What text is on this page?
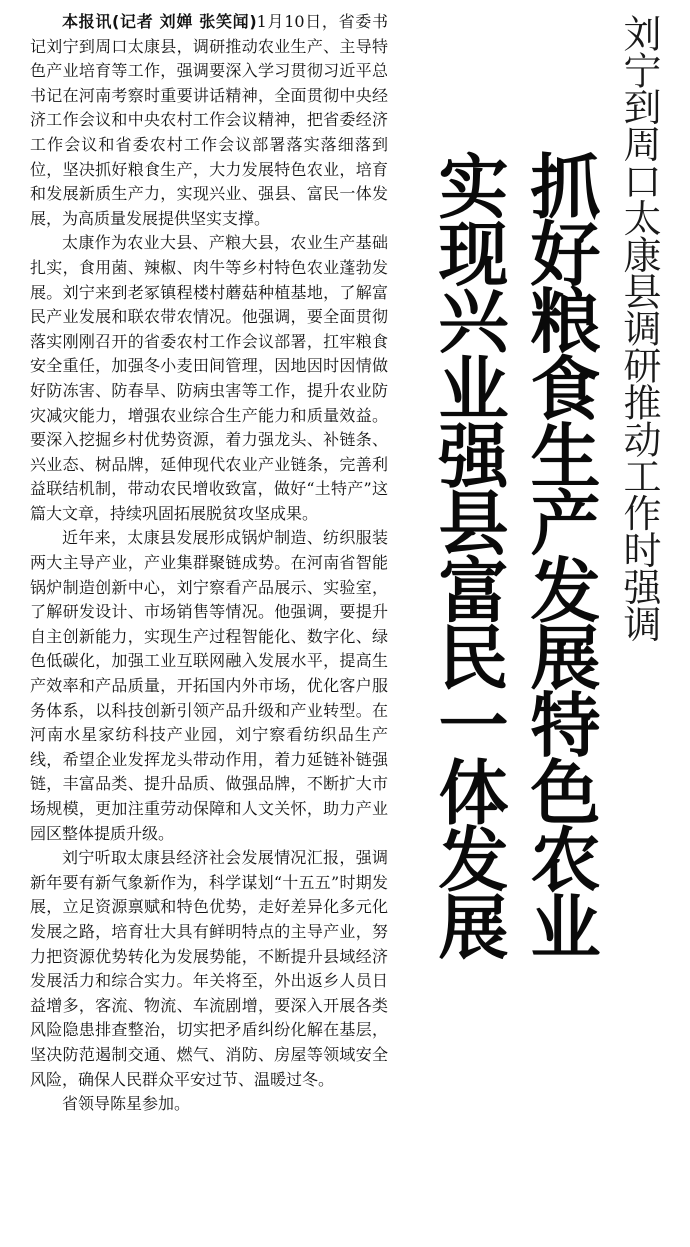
本报讯(记者 刘婵 张笑闻)1月10日，省委书记刘宁到周口太康县，调研推动农业生产、主导特色产业培育等工作，强调要深入学习贯彻习近平总书记在河南考察时重要讲话精神，全面贯彻中央经济工作会议和中央农村工作会议精神，把省委经济工作会议和省委农村工作会议部署落实落细落到位，坚决抓好粮食生产，大力发展特色农业，培育和发展新质生产力，实现兴业、强县、富民一体发展，为高质量发展提供坚实支撑。

太康作为农业大县、产粮大县，农业生产基础扎实，食用菌、辣椒、肉牛等乡村特色农业蓬勃发展。刘宁来到老冢镇程楼村蘑菇种植基地，了解富民产业发展和联农带农情况。他强调，要全面贯彻落实刚刚召开的省委农村工作会议部署，扛牢粮食安全重任，加强冬小麦田间管理，因地因时因情做好防冻害、防春旱、防病虫害等工作，提升农业防灾减灾能力，增强农业综合生产能力和质量效益。要深入挖掘乡村优势资源，着力强龙头、补链条、兴业态、树品牌，延伸现代农业产业链条，完善利益联结机制，带动农民增收致富，做好“土特产”这篇大文章，持续巩固拓展脱贫攻坚成果。

近年来，太康县发展形成锅炉制造、纺织服装两大主导产业，产业集群聚链成势。在河南省智能锅炉制造创新中心，刘宁察看产品展示、实验室，了解研发设计、市场销售等情况。他强调，要提升自主创新能力，实现生产过程智能化、数字化、绿色低碳化，加强工业互联网融入发展水平，提高生产效率和产品质量，开拓国内外市场，优化客户服务体系，以科技创新引领产品升级和产业转型。在河南水星家纺科技产业园，刘宁察看纺织品生产线，希望企业发挥龙头带动作用，着力延链补链强链，丰富品类、提升品质、做强品牌，不断扩大市场规模，更加注重劳动保障和人文关怀，助力产业园区整体提质升级。

刘宁听取太康县经济社会发展情况汇报，强调新年要有新气象新作为，科学谋划“十五五”时期发展，立足资源禀赋和特色优势，走好差异化多元化发展之路，培育壮大具有鲜明特点的主导产业，努力把资源优势转化为发展势能，不断提升县域经济发展活力和综合实力。年关将至，外出返乡人员日益增多，客流、物流、车流剧增，要深入开展各类风险隐患排查整治，切实把矛盾纠纷化解在基层，坚决防范遏制交通、燃气、消防、房屋等领域安全风险，确保人民群众平安过节、温暖过冬。

省领导陈星参加。

刘宁到周口太康县调研推动工作时强调
抓好粮食生产发展特色农业
实现兴业强县富民一体发展
